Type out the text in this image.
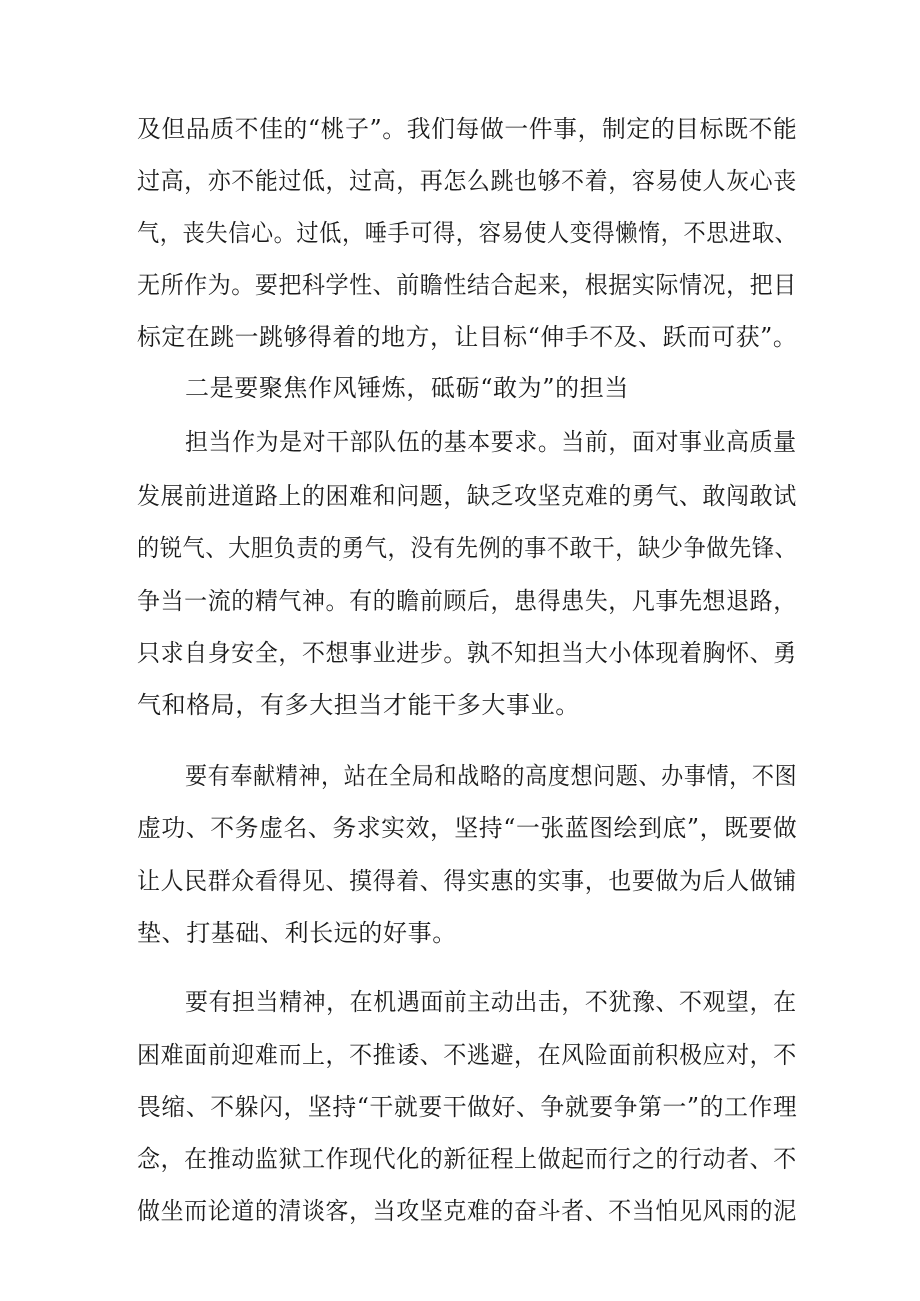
及但品质不佳的“桃子”。我们每做一件事，制定的目标既不能
过高，亦不能过低，过高，再怎么跳也够不着，容易使人灰心丧
气，丧失信心。过低，唾手可得，容易使人变得懒惰，不思进取、
无所作为。要把科学性、前瞻性结合起来，根据实际情况，把目
标定在跳一跳够得着的地方，让目标“伸手不及、跃而可获”。
二是要聚焦作风锤炼，砥砺“敢为”的担当
担当作为是对干部队伍的基本要求。当前，面对事业高质量
发展前进道路上的困难和问题，缺乏攻坚克难的勇气、敢闯敢试
的锐气、大胆负责的勇气，没有先例的事不敢干，缺少争做先锋、
争当一流的精气神。有的瞻前顾后，患得患失，凡事先想退路，
只求自身安全，不想事业进步。孰不知担当大小体现着胸怀、勇
气和格局，有多大担当才能干多大事业。
要有奉献精神，站在全局和战略的高度想问题、办事情，不图
虚功、不务虚名、务求实效，坚持“一张蓝图绘到底”，既要做
让人民群众看得见、摸得着、得实惠的实事，也要做为后人做铺
垫、打基础、利长远的好事。
要有担当精神，在机遇面前主动出击，不犹豫、不观望，在
困难面前迎难而上，不推诿、不逃避，在风险面前积极应对，不
畏缩、不躲闪，坚持“干就要干做好、争就要争第一”的工作理
念，在推动监狱工作现代化的新征程上做起而行之的行动者、不
做坐而论道的清谈客，当攻坚克难的奋斗者、不当怕见风雨的泥
